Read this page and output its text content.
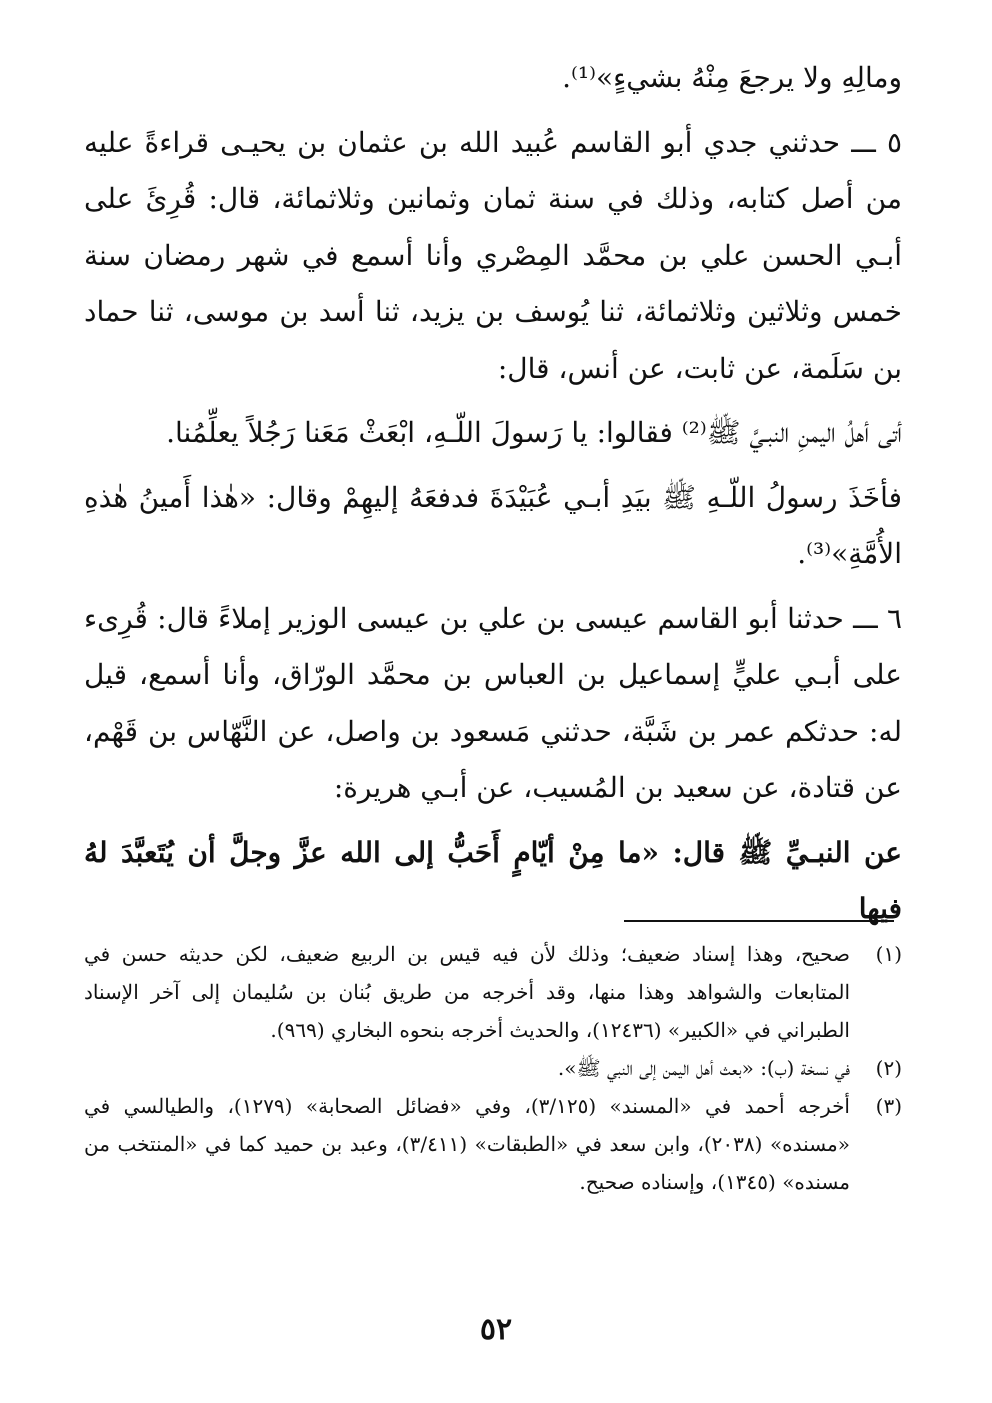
ومالِهِ ولا يرجعَ مِنْهُ بشيءٍ»⁽¹⁾.

٥ ـــ حدثني جدي أبو القاسم عُبيد الله بن عثمان بن يحيـى قراءةً عليه من أصل كتابه، وذلك في سنة ثمان وثمانين وثلاثمائة، قال: قُرِئَ على أبـي الحسن علي بن محمَّد المِصْري وأنا أسمع في شهر رمضان سنة خمس وثلاثين وثلاثمائة، ثنا يُوسف بن يزيد، ثنا أسد بن موسى، ثنا حماد بن سَلَمة، عن ثابت، عن أنس، قال:

أتى أهلُ اليمنِ النبـيَّ ﷺ⁽²⁾ فقالوا: يا رَسولَ اللّـهِ، ابْعَثْ مَعَنا رَجُلاً يعلِّمُنا.

فأخَذَ رسولُ اللّـهِ ﷺ بيَدِ أبـي عُبَيْدَةَ فدفعَهُ إليهِمْ وقال: «هٰذا أَمينُ هٰذهِ الأُمَّةِ»⁽³⁾.

٦ ـــ حدثنا أبو القاسم عيسى بن علي بن عيسى الوزير إملاءً قال: قُرِىء على أبـي عليٍّ إسماعيل بن العباس بن محمَّد الورّاق، وأنا أسمع، قيل له: حدثكم عمر بن شَبَّة، حدثني مَسعود بن واصل، عن النَّهّاس بن قَهْم، عن قتادة، عن سعيد بن المُسيب، عن أبـي هريرة:

عن النبـيِّ ﷺ قال: «ما مِنْ أيّامٍ أَحَبُّ إلى الله عزَّ وجلَّ أن يُتَعبَّدَ لهُ فيها

(١)
صحيح، وهذا إسناد ضعيف؛ وذلك لأن فيه قيس بن الربيع ضعيف، لكن حديثه حسن في المتابعات والشواهد وهذا منها، وقد أخرجه من طريق بُنان بن سُليمان إلى آخر الإسناد الطبراني في «الكبير» (١٢٤٣٦)، والحديث أخرجه بنحوه البخاري (٩٦٩).
(٢)
في نسخة (ب): «بعث أهل اليمن إلى النبي ﷺ».
(٣)
أخرجه أحمد في «المسند» (٣/١٢٥)، وفي «فضائل الصحابة» (١٢٧٩)، والطيالسي في «مسنده» (٢٠٣٨)، وابن سعد في «الطبقات» (٣/٤١١)، وعبد بن حميد كما في «المنتخب من مسنده» (١٣٤٥)، وإسناده صحيح.
٥٢
